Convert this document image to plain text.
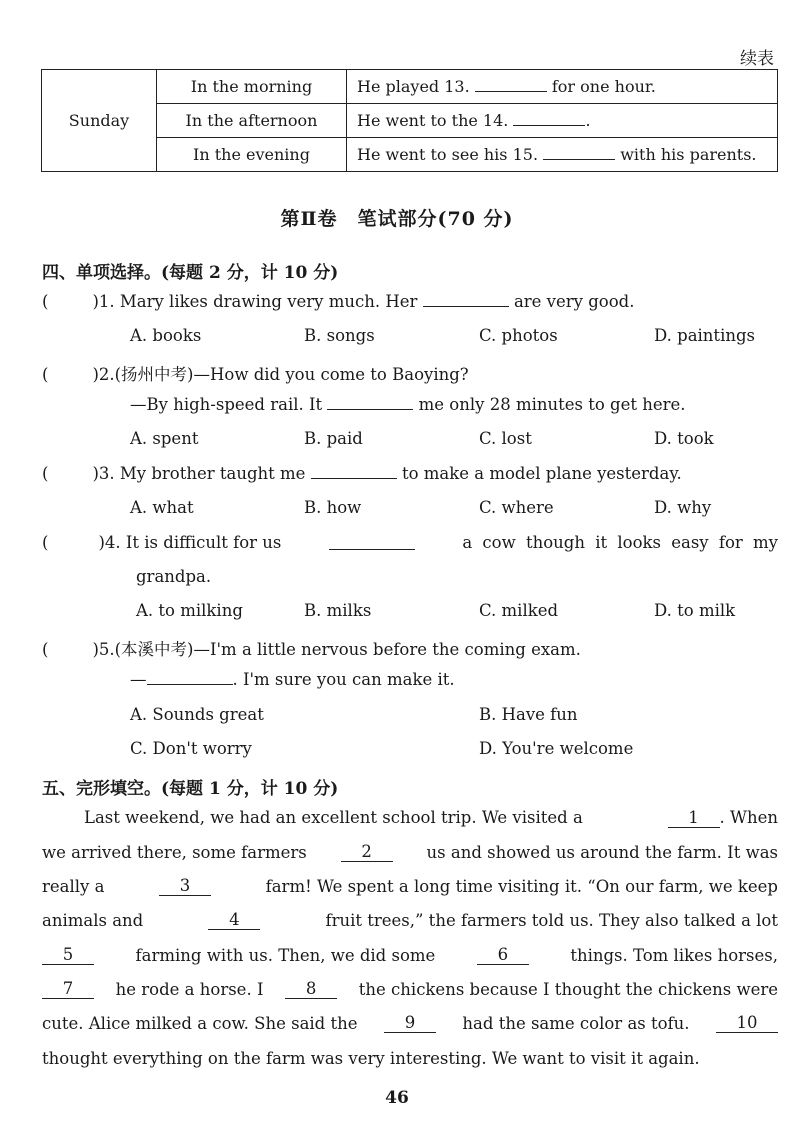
续表
Sunday	In the morning	He played 13. for one hour.
	In the afternoon	He went to the 14. .
	In the evening	He went to see his 15. with his parents.
第Ⅱ卷　笔试部分(70 分)
四、单项选择。(每题 2 分，计 10 分)
(	)1. Mary likes drawing very much. Her	are very good.
A. books	B. songs	C. photos	D. paintings
(	)2.(扬州中考)—How did you come to Baoying?
—By high-speed rail. It	me only 28 minutes to get here.
A. spent	B. paid	C. lost	D. took
(	)3. My brother taught me	to make a model plane yesterday.
A. what	B. how	C. where	D. why
(	)4. It is difficult for us	a cow though it looks easy for my
grandpa.
A. to milking	B. milks	C. milked	D. to milk
(	)5.(本溪中考)—I'm a little nervous before the coming exam.
—	. I'm sure you can make it.
A. Sounds great	B. Have fun
C. Don't worry	D. You're welcome
五、完形填空。(每题 1 分，计 10 分)
Last weekend, we had an excellent school trip. We visited a	1 . When
we arrived there, some farmers	2	us and showed us around the farm. It was
really a	3	farm! We spent a long time visiting it. “On our farm, we keep
animals and	4	fruit trees,” the farmers told us. They also talked a lot
5	farming with us. Then, we did some	6	things. Tom likes horses,
7	he rode a horse. I	8	the chickens because I thought the chickens were
cute. Alice milked a cow. She said the	9	had the same color as tofu.	10
thought everything on the farm was very interesting. We want to visit it again.
46
